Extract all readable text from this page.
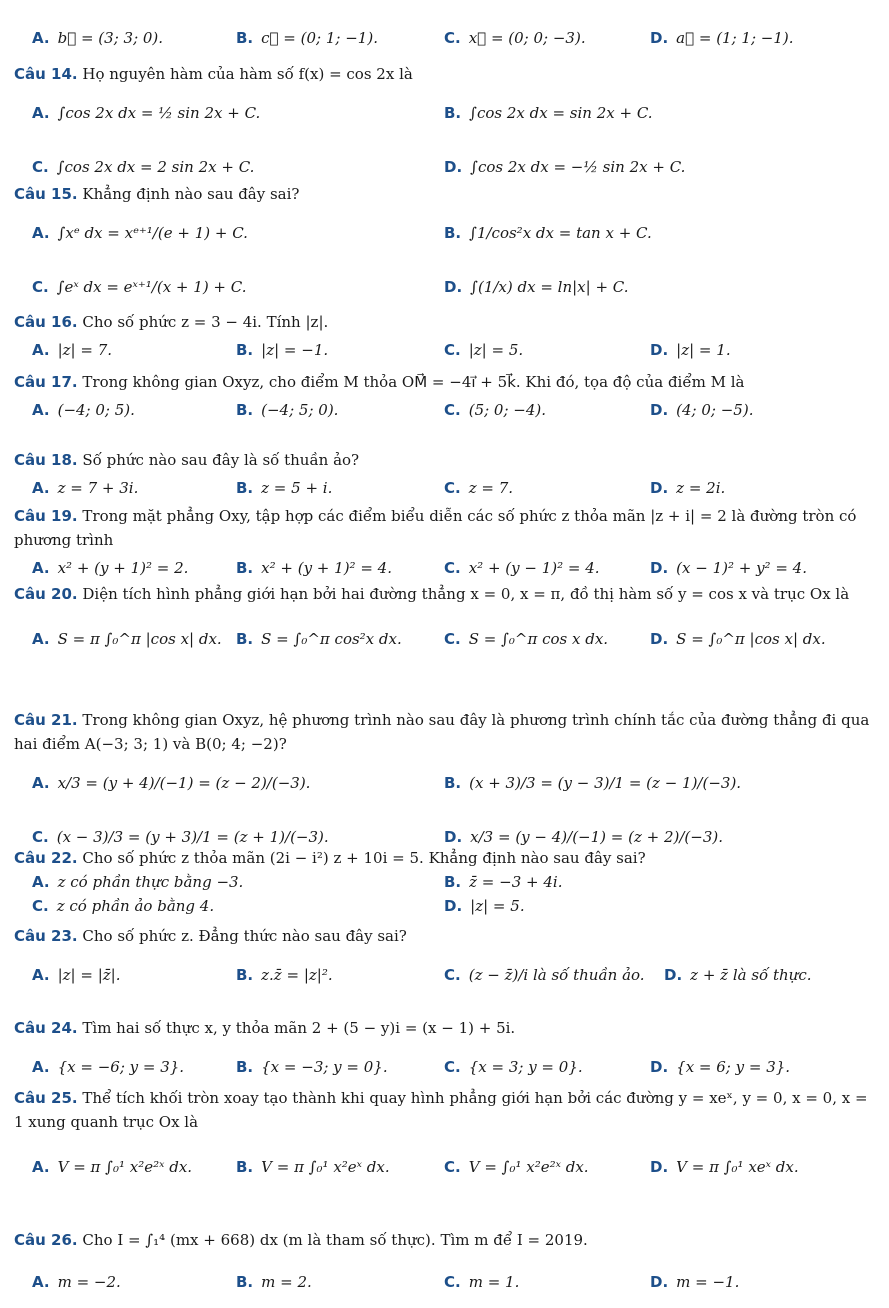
A. b⃗ = (3; 3; 0).	B. c⃗ = (0; 1; −1).	C. x⃗ = (0; 0; −3).	D. a⃗ = (1; 1; −1).
Câu 14. Họ nguyên hàm của hàm số f(x) = cos 2x là
A. ∫cos 2x dx = ½ sin 2x + C.	B. ∫cos 2x dx = sin 2x + C.
C. ∫cos 2x dx = 2 sin 2x + C.	D. ∫cos 2x dx = −½ sin 2x + C.
Câu 15. Khẳng định nào sau đây sai?
A. ∫xᵉ dx = xᵉ⁺¹/(e + 1) + C.	B. ∫1/cos²x dx = tan x + C.
C. ∫eˣ dx = eˣ⁺¹/(x + 1) + C.	D. ∫(1/x) dx = ln|x| + C.
Câu 16. Cho số phức z = 3 − 4i. Tính |z|.
A. |z| = 7.	B. |z| = −1.	C. |z| = 5.	D. |z| = 1.
Câu 17. Trong không gian Oxyz, cho điểm M thỏa OM⃗ = −4i⃗ + 5k⃗. Khi đó, tọa độ của điểm M là
A. (−4; 0; 5).	B. (−4; 5; 0).	C. (5; 0; −4).	D. (4; 0; −5).
Câu 18. Số phức nào sau đây là số thuần ảo?
A. z = 7 + 3i.	B. z = 5 + i.	C. z = 7.	D. z = 2i.
Câu 19. Trong mặt phẳng Oxy, tập hợp các điểm biểu diễn các số phức z thỏa mãn |z + i| = 2 là đường tròn có phương trình
A. x² + (y + 1)² = 2.	B. x² + (y + 1)² = 4.	C. x² + (y − 1)² = 4.	D. (x − 1)² + y² = 4.
Câu 20. Diện tích hình phẳng giới hạn bởi hai đường thẳng x = 0, x = π, đồ thị hàm số y = cos x và trục Ox là
A. S = π ∫₀^π |cos x| dx. B. S = ∫₀^π cos²x dx.	C. S = ∫₀^π cos x dx.	D. S = ∫₀^π |cos x| dx.
Câu 21. Trong không gian Oxyz, hệ phương trình nào sau đây là phương trình chính tắc của đường thẳng đi qua hai điểm A(−3; 3; 1) và B(0; 4; −2)?
A. x/3 = (y + 4)/(−1) = (z − 2)/(−3).	B. (x + 3)/3 = (y − 3)/1 = (z − 1)/(−3).
C. (x − 3)/3 = (y + 3)/1 = (z + 1)/(−3).	D. x/3 = (y − 4)/(−1) = (z + 2)/(−3).
Câu 22. Cho số phức z thỏa mãn (2i − i²) z + 10i = 5. Khẳng định nào sau đây sai?
A. z có phần thực bằng −3.	B. z̄ = −3 + 4i.
C. z có phần ảo bằng 4.	D. |z| = 5.
Câu 23. Cho số phức z. Đẳng thức nào sau đây sai?
A. |z| = |z̄|.	B. z.z̄ = |z|².	C. (z − z̄)/i là số thuần ảo. D. z + z̄ là số thực.
Câu 24. Tìm hai số thực x, y thỏa mãn 2 + (5 − y)i = (x − 1) + 5i.
A. {x = −6; y = 3}.	B. {x = −3; y = 0}.	C. {x = 3; y = 0}.	D. {x = 6; y = 3}.
Câu 25. Thể tích khối tròn xoay tạo thành khi quay hình phẳng giới hạn bởi các đường y = xeˣ, y = 0, x = 0, x = 1 xung quanh trục Ox là
A. V = π ∫₀¹ x²e²ˣ dx.	B. V = π ∫₀¹ x²eˣ dx.	C. V = ∫₀¹ x²e²ˣ dx.	D. V = π ∫₀¹ xeˣ dx.
Câu 26. Cho I = ∫₁⁴ (mx + 668) dx (m là tham số thực). Tìm m để I = 2019.
A. m = −2.	B. m = 2.	C. m = 1.	D. m = −1.
